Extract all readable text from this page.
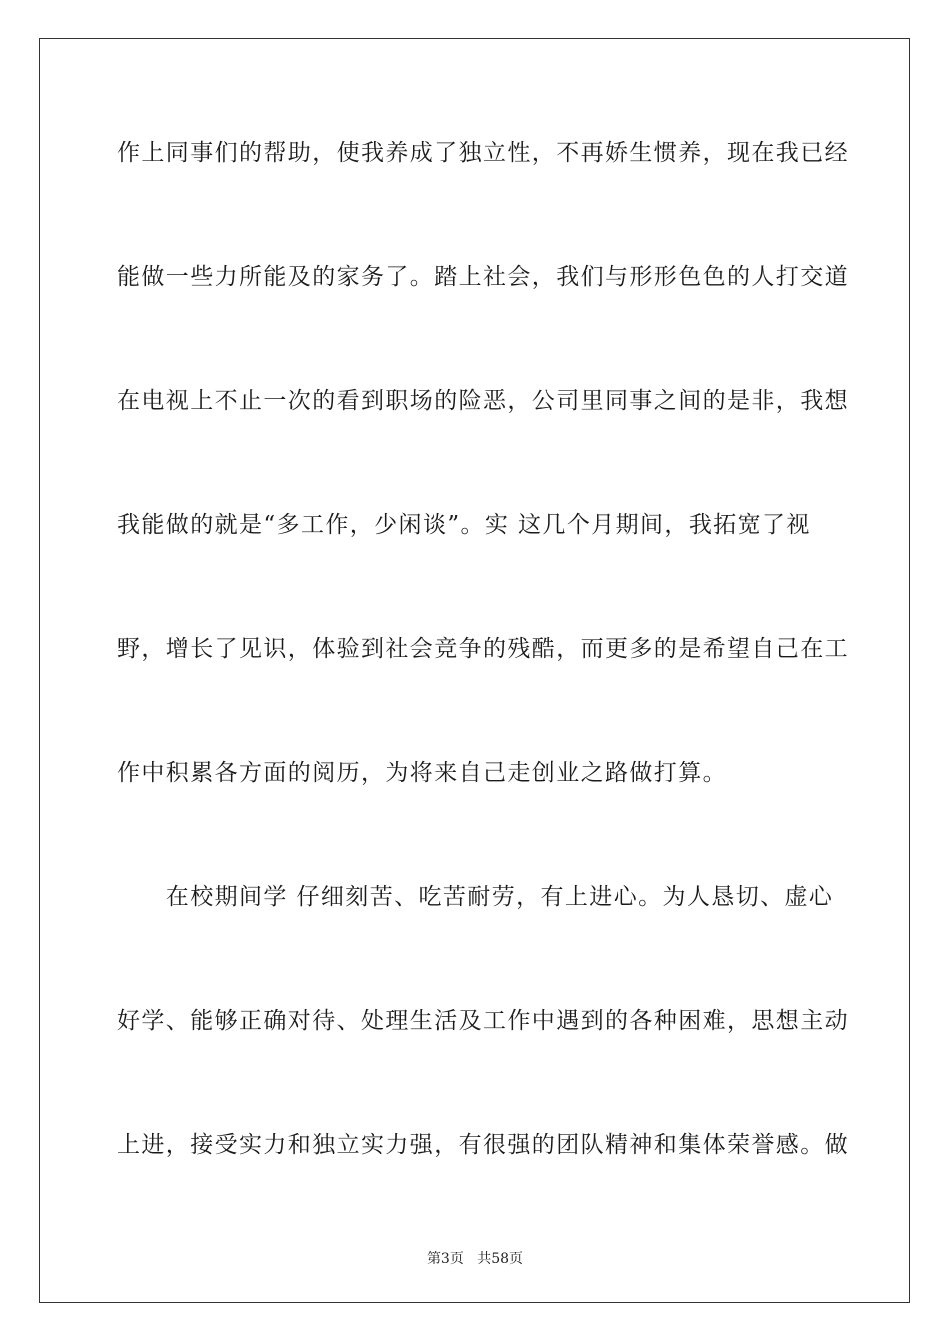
作上同事们的帮助，使我养成了独立性，不再娇生惯养，现在我已经
能做一些力所能及的家务了。踏上社会，我们与形形色色的人打交道
在电视上不止一次的看到职场的险恶，公司里同事之间的是非，我想
我能做的就是“多工作，少闲谈”。实 这几个月期间，我拓宽了视
野，增长了见识，体验到社会竞争的残酷，而更多的是希望自己在工
作中积累各方面的阅历，为将来自己走创业之路做打算。
　　在校期间学 仔细刻苦、吃苦耐劳，有上进心。为人恳切、虚心
好学、能够正确对待、处理生活及工作中遇到的各种困难，思想主动
上进，接受实力和独立实力强，有很强的团队精神和集体荣誉感。做
第3页 共58页
